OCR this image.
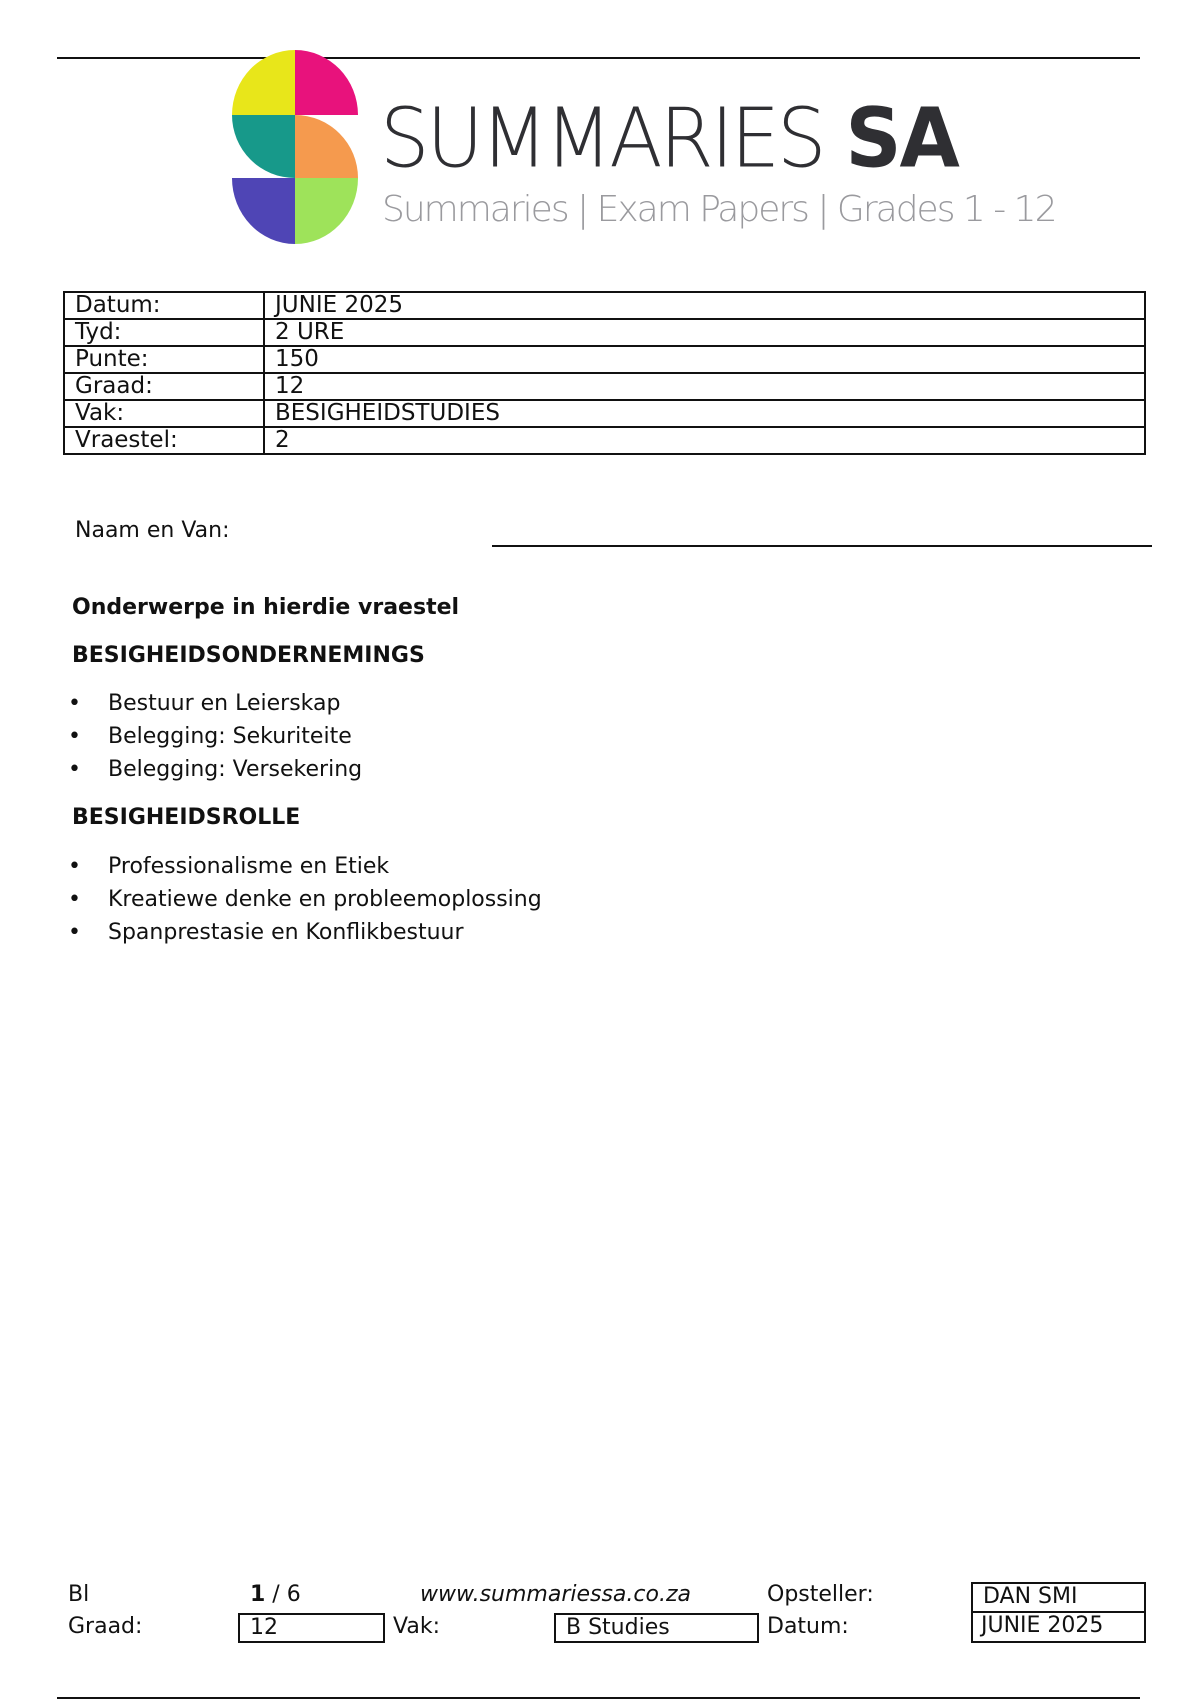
SUMMARIES SA
Summaries | Exam Papers | Grades 1 - 12
Datum:	JUNIE 2025
Tyd:	2 URE
Punte:	150
Graad:	12
Vak:	BESIGHEIDSTUDIES
Vraestel:	2
Naam en Van:
Onderwerpe in hierdie vraestel
BESIGHEIDSONDERNEMINGS
• Bestuur en Leierskap
• Belegging: Sekuriteite
• Belegging: Versekering
BESIGHEIDSROLLE
• Professionalisme en Etiek
• Kreatiewe denke en probleemoplossing
• Spanprestasie en Konflikbestuur
Bl	1 / 6	www.summariessa.co.za	Opsteller:	DAN SMI
Graad:	12	Vak:	B Studies	Datum:	JUNIE 2025
